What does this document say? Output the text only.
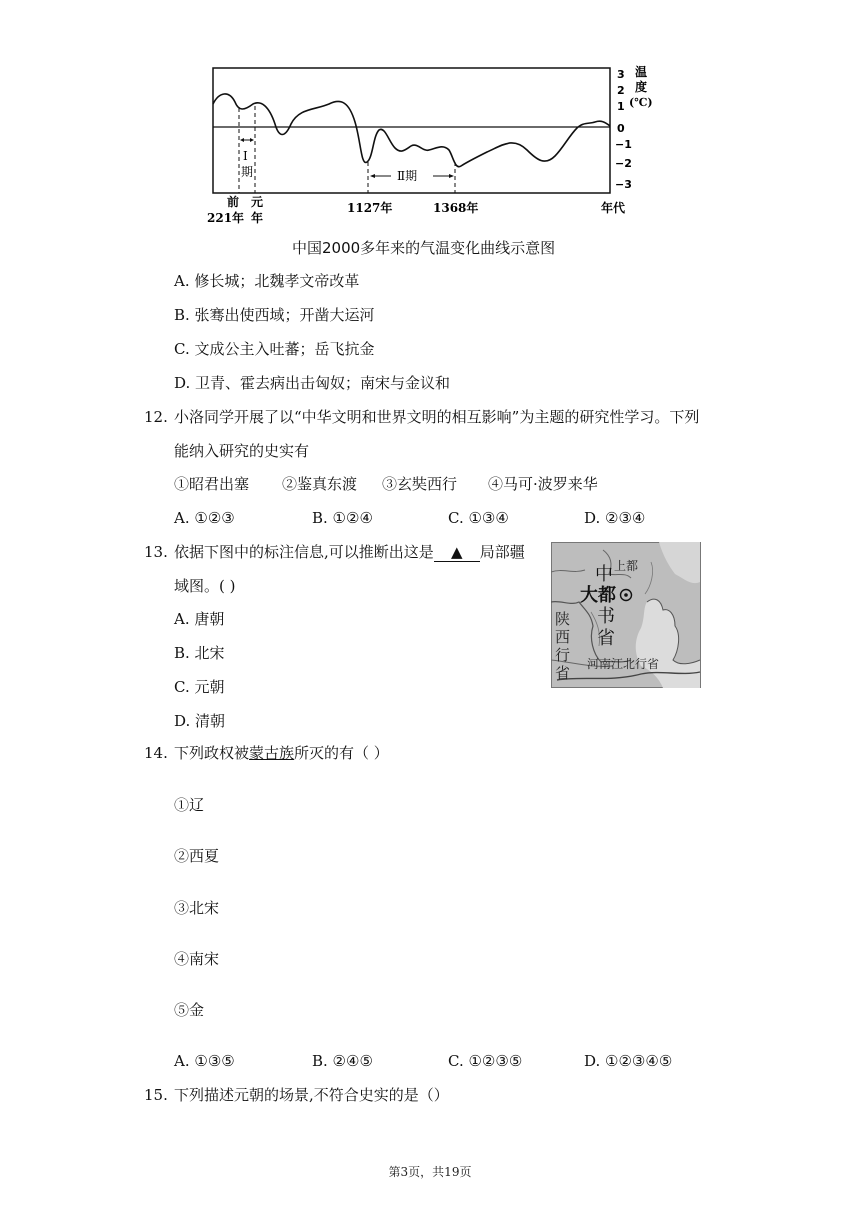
Ⅰ
期	Ⅱ期
3
2
1
0
−1
−2
−3
温
度
(℃)
前
221年
元
年
1127年	1368年	年代
中国2000多年来的气温变化曲线示意图
A. 修长城；北魏孝文帝改革
B. 张骞出使西域；开凿大运河
C. 文成公主入吐蕃；岳飞抗金
D. 卫青、霍去病出击匈奴；南宋与金议和
12. 小洛同学开展了以“中华文明和世界文明的相互影响”为主题的研究性学习。下列
能纳入研究的史实有
①昭君出塞 ②鉴真东渡 ③玄奘西行 ④马可·波罗来华
A. ①②③	B. ①②④	C. ①③④	D. ②③④
13. 依据下图中的标注信息,可以推断出这是 ▲ 局部疆
域图。( )
A. 唐朝
B. 北宋
C. 元朝
D. 清朝
上都
中
大都
书
省
陕
西
行
省 河南江北行省
14. 下列政权被蒙古族所灭的有（ ）
①辽
②西夏
③北宋
④南宋
⑤金
A. ①③⑤	B. ②④⑤	C. ①②③⑤	D. ①②③④⑤
15. 下列描述元朝的场景,不符合史实的是（）
第3页，共19页
